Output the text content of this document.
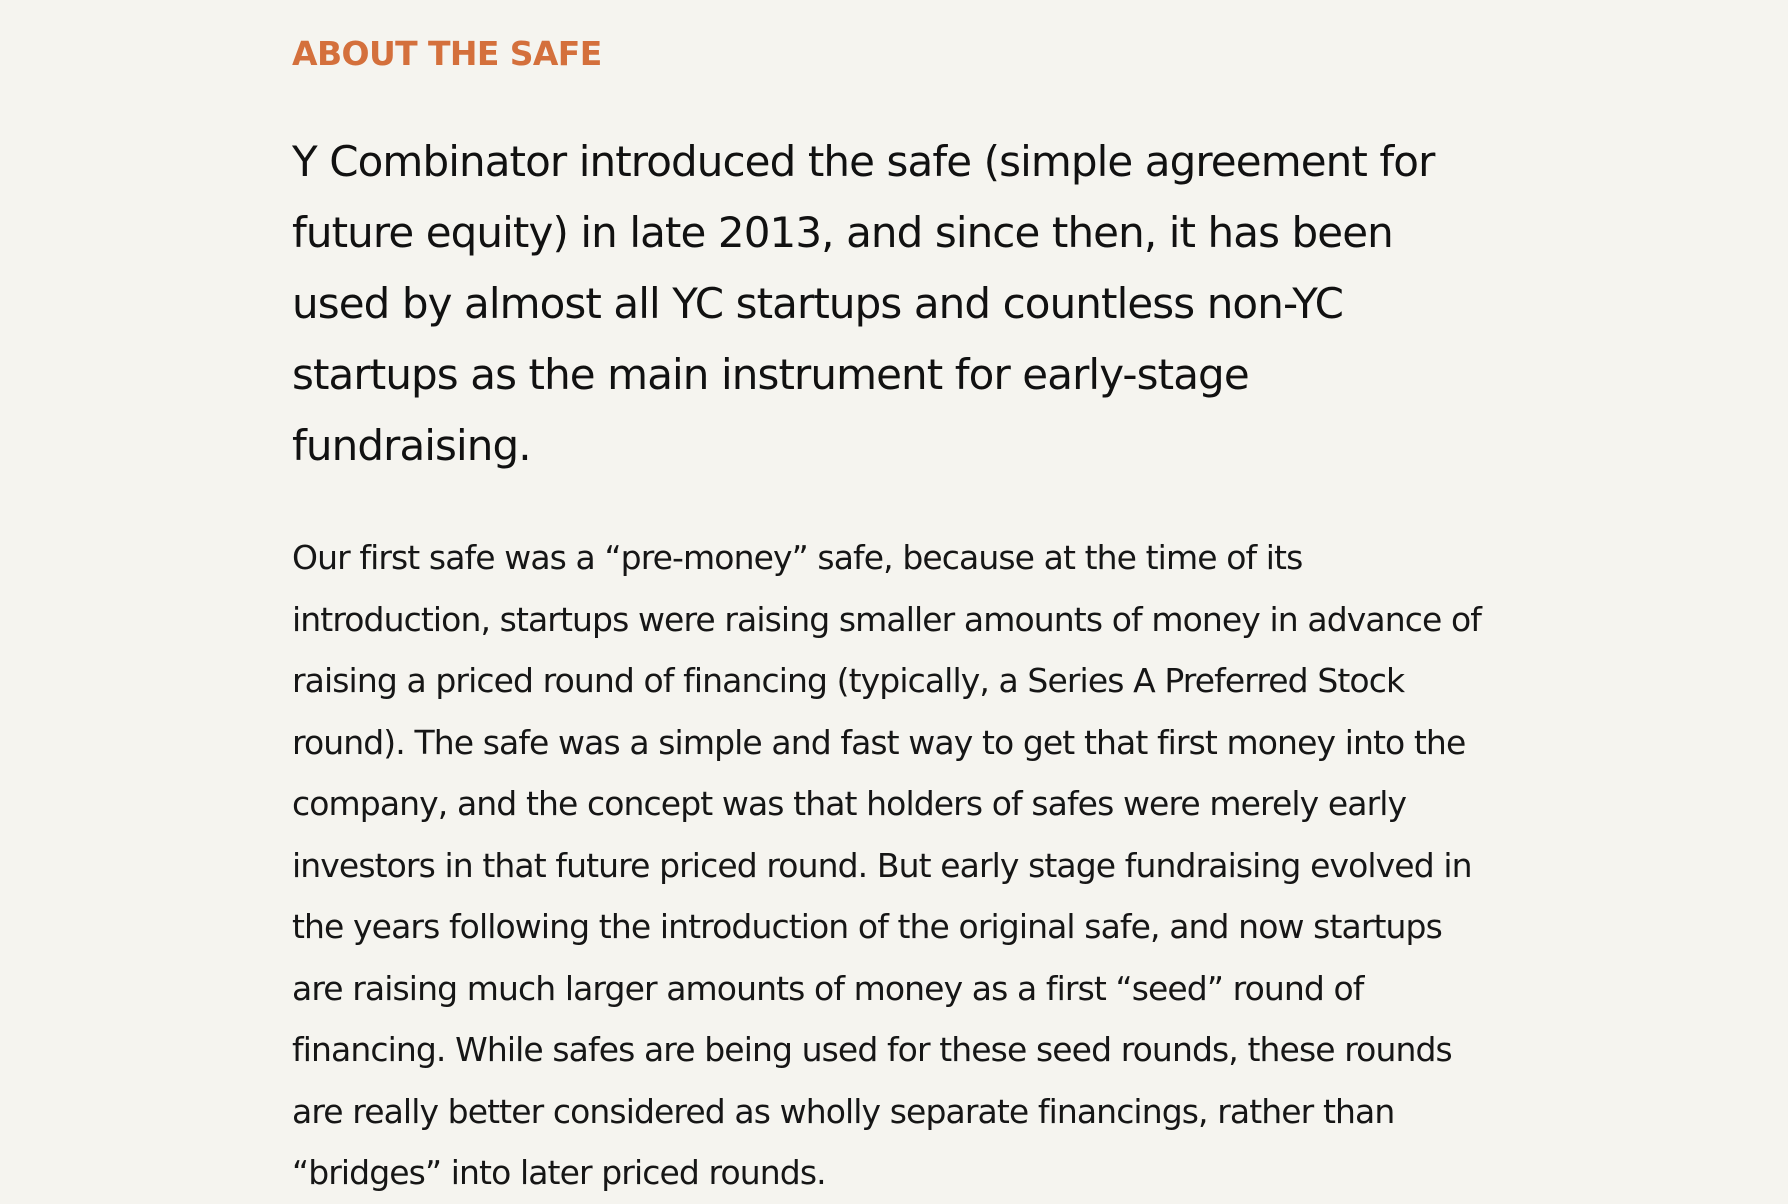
ABOUT THE SAFE

Y Combinator introduced the safe (simple agreement for future equity) in late 2013, and since then, it has been used by almost all YC startups and countless non-YC startups as the main instrument for early-stage fundraising.

Our first safe was a “pre-money” safe, because at the time of its introduction, startups were raising smaller amounts of money in advance of raising a priced round of financing (typically, a Series A Preferred Stock round). The safe was a simple and fast way to get that first money into the company, and the concept was that holders of safes were merely early investors in that future priced round. But early stage fundraising evolved in the years following the introduction of the original safe, and now startups are raising much larger amounts of money as a first “seed” round of financing. While safes are being used for these seed rounds, these rounds are really better considered as wholly separate financings, rather than “bridges” into later priced rounds.
